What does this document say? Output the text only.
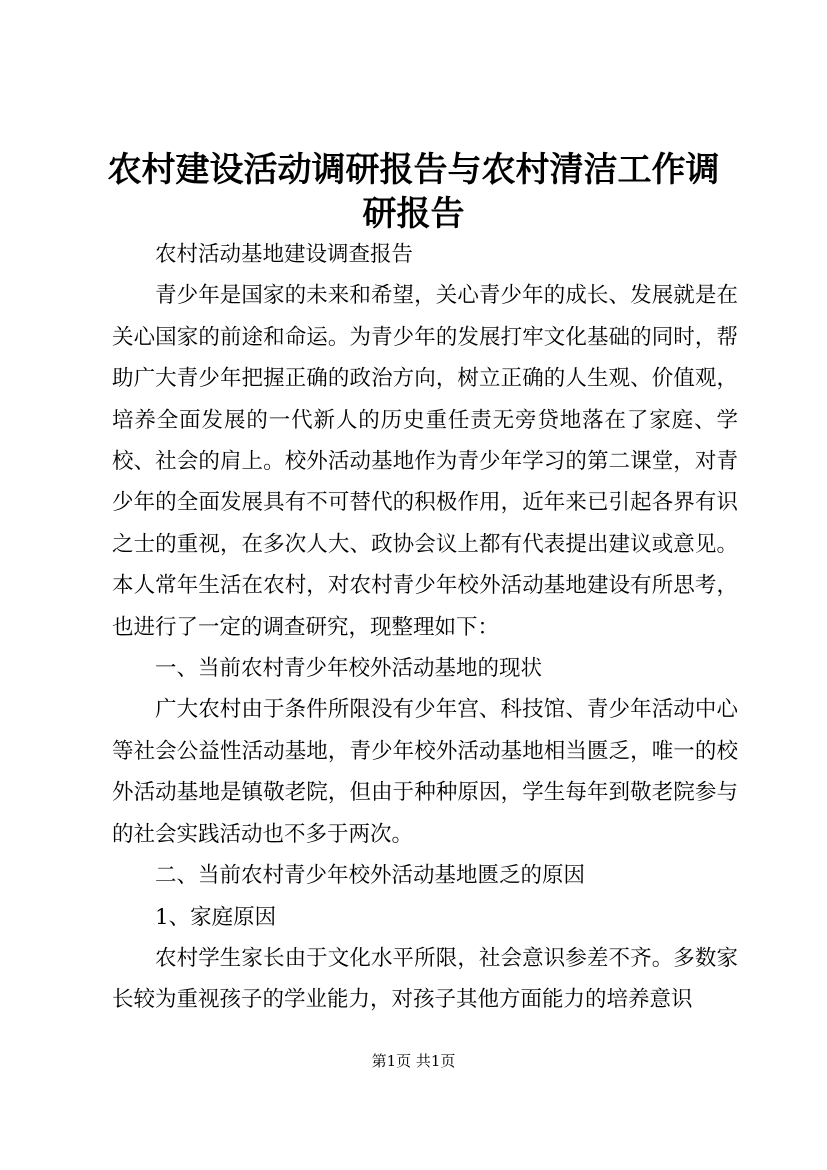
农村建设活动调研报告与农村清洁工作调研报告

农村活动基地建设调查报告

青少年是国家的未来和希望，关心青少年的成长、发展就是在关心国家的前途和命运。为青少年的发展打牢文化基础的同时，帮助广大青少年把握正确的政治方向，树立正确的人生观、价值观，培养全面发展的一代新人的历史重任责无旁贷地落在了家庭、学校、社会的肩上。校外活动基地作为青少年学习的第二课堂，对青少年的全面发展具有不可替代的积极作用，近年来已引起各界有识之士的重视，在多次人大、政协会议上都有代表提出建议或意见。本人常年生活在农村，对农村青少年校外活动基地建设有所思考，也进行了一定的调查研究，现整理如下：

一、当前农村青少年校外活动基地的现状

广大农村由于条件所限没有少年宫、科技馆、青少年活动中心等社会公益性活动基地，青少年校外活动基地相当匮乏，唯一的校外活动基地是镇敬老院，但由于种种原因，学生每年到敬老院参与的社会实践活动也不多于两次。

二、当前农村青少年校外活动基地匮乏的原因

1、家庭原因

农村学生家长由于文化水平所限，社会意识参差不齐。多数家长较为重视孩子的学业能力，对孩子其他方面能力的培养意识

第1页 共1页
